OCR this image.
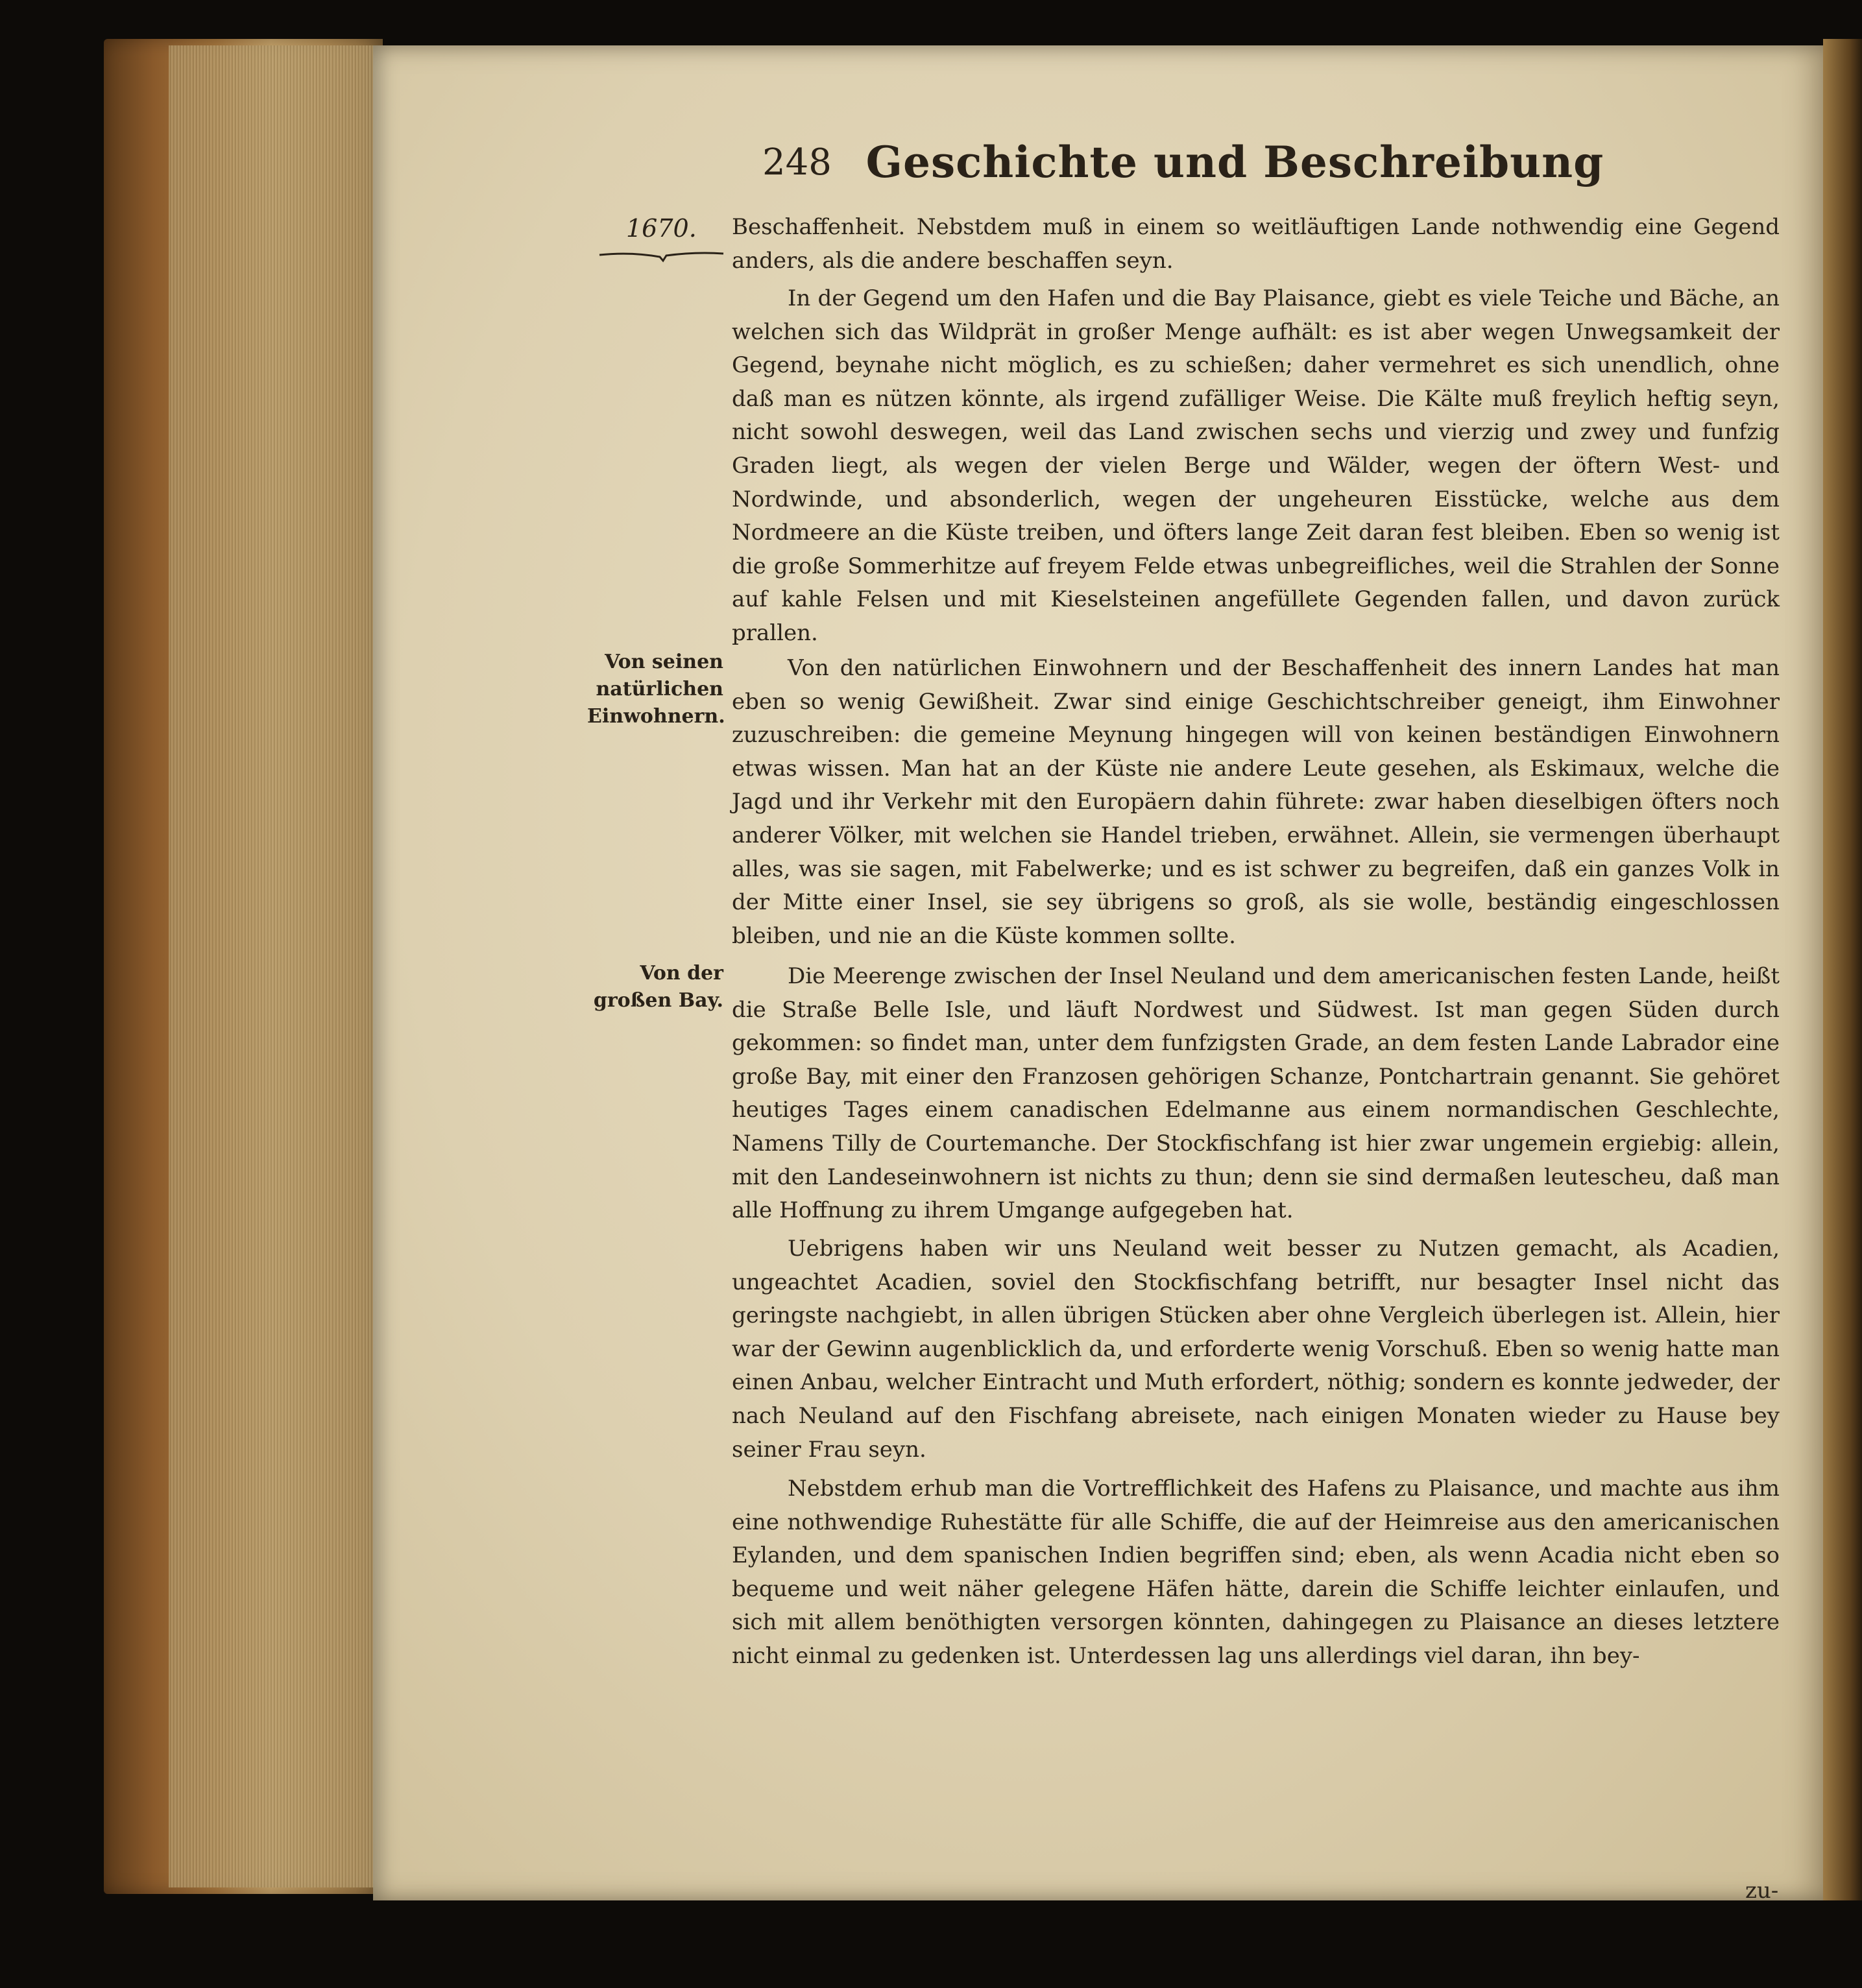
248 Geschichte und Beschreibung
1670.
Von seinen natürlichen Einwohnern.
Von der großen Bay.

Beschaffenheit. Nebstdem muß in einem so weitläuftigen Lande nothwendig eine Gegend anders, als die andere beschaffen seyn.

In der Gegend um den Hafen und die Bay Plaisance, giebt es viele Teiche und Bäche, an welchen sich das Wildprät in großer Menge aufhält: es ist aber wegen Unwegsamkeit der Gegend, beynahe nicht möglich, es zu schießen; daher vermehret es sich unendlich, ohne daß man es nützen könnte, als irgend zufälliger Weise. Die Kälte muß freylich heftig seyn, nicht sowohl deswegen, weil das Land zwischen sechs und vierzig und zwey und funfzig Graden liegt, als wegen der vielen Berge und Wälder, wegen der öftern West- und Nordwinde, und absonderlich, wegen der ungeheuren Eisstücke, welche aus dem Nordmeere an die Küste treiben, und öfters lange Zeit daran fest bleiben. Eben so wenig ist die große Sommerhitze auf freyem Felde etwas unbegreifliches, weil die Strahlen der Sonne auf kahle Felsen und mit Kieselsteinen angefüllete Gegenden fallen, und davon zurück prallen.

Von den natürlichen Einwohnern und der Beschaffenheit des innern Landes hat man eben so wenig Gewißheit. Zwar sind einige Geschichtschreiber geneigt, ihm Einwohner zuzuschreiben: die gemeine Meynung hingegen will von keinen beständigen Einwohnern etwas wissen. Man hat an der Küste nie andere Leute gesehen, als Eskimaux, welche die Jagd und ihr Verkehr mit den Europäern dahin führete: zwar haben dieselbigen öfters noch anderer Völker, mit welchen sie Handel trieben, erwähnet. Allein, sie vermengen überhaupt alles, was sie sagen, mit Fabelwerke; und es ist schwer zu begreifen, daß ein ganzes Volk in der Mitte einer Insel, sie sey übrigens so groß, als sie wolle, beständig eingeschlossen bleiben, und nie an die Küste kommen sollte.

Die Meerenge zwischen der Insel Neuland und dem americanischen festen Lande, heißt die Straße Belle Isle, und läuft Nordwest und Südwest. Ist man gegen Süden durch gekommen: so findet man, unter dem funfzigsten Grade, an dem festen Lande Labrador eine große Bay, mit einer den Franzosen gehörigen Schanze, Pontchartrain genannt. Sie gehöret heutiges Tages einem canadischen Edelmanne aus einem normandischen Geschlechte, Namens Tilly de Courtemanche. Der Stockfischfang ist hier zwar ungemein ergiebig: allein, mit den Landeseinwohnern ist nichts zu thun; denn sie sind dermaßen leutescheu, daß man alle Hoffnung zu ihrem Umgange aufgegeben hat.

Uebrigens haben wir uns Neuland weit besser zu Nutzen gemacht, als Acadien, ungeachtet Acadien, soviel den Stockfischfang betrifft, nur besagter Insel nicht das geringste nachgiebt, in allen übrigen Stücken aber ohne Vergleich überlegen ist. Allein, hier war der Gewinn augenblicklich da, und erforderte wenig Vorschuß. Eben so wenig hatte man einen Anbau, welcher Eintracht und Muth erfordert, nöthig; sondern es konnte jedweder, der nach Neuland auf den Fischfang abreisete, nach einigen Monaten wieder zu Hause bey seiner Frau seyn.

Nebstdem erhub man die Vortrefflichkeit des Hafens zu Plaisance, und machte aus ihm eine nothwendige Ruhestätte für alle Schiffe, die auf der Heimreise aus den americanischen Eylanden, und dem spanischen Indien begriffen sind; eben, als wenn Acadia nicht eben so bequeme und weit näher gelegene Häfen hätte, darein die Schiffe leichter einlaufen, und sich mit allem benöthigten versorgen könnten, dahingegen zu Plaisance an dieses letztere nicht einmal zu gedenken ist. Unterdessen lag uns allerdings viel daran, ihn bey-

zu-
